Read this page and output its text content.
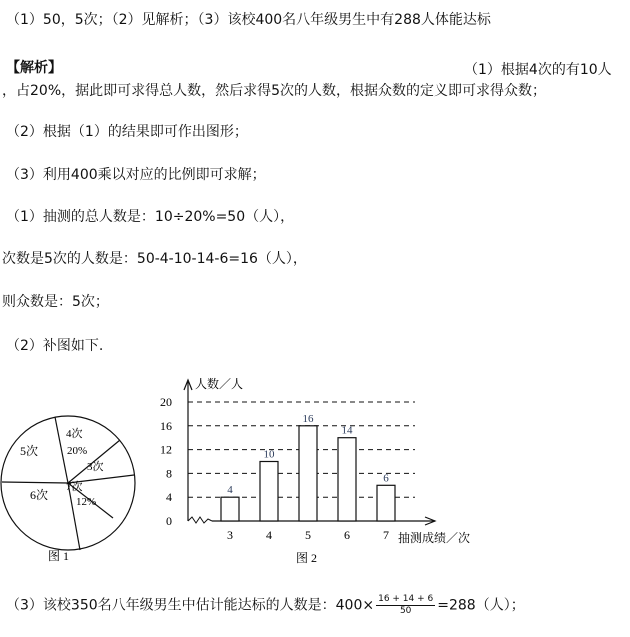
（1）50，5次；（2）见解析；（3）该校400名八年级男生中有288人体能达标
【解析】	（1）根据4次的有10人
，占20%，据此即可求得总人数，然后求得5次的人数，根据众数的定义即可求得众数；
（2）根据（1）的结果即可作出图形；
（3）利用400乘以对应的比例即可求解；
（1）抽测的总人数是：10÷20%=50（人），
次数是5次的人数是：50-4-10-14-6=16（人），
则众数是：5次；
（2）补图如下.
5次
4次
20%
3次
7次
12%
6次
图 1
人数／人
抽测成绩／次
图 2
4
10
16
14
6
0
4
8
12
16
20
3	4	5	6	7
（3）该校350名八年级男生中估计能达标的人数是：$400\times \frac{16 + 14 + 6}{50} =288$（人）；
